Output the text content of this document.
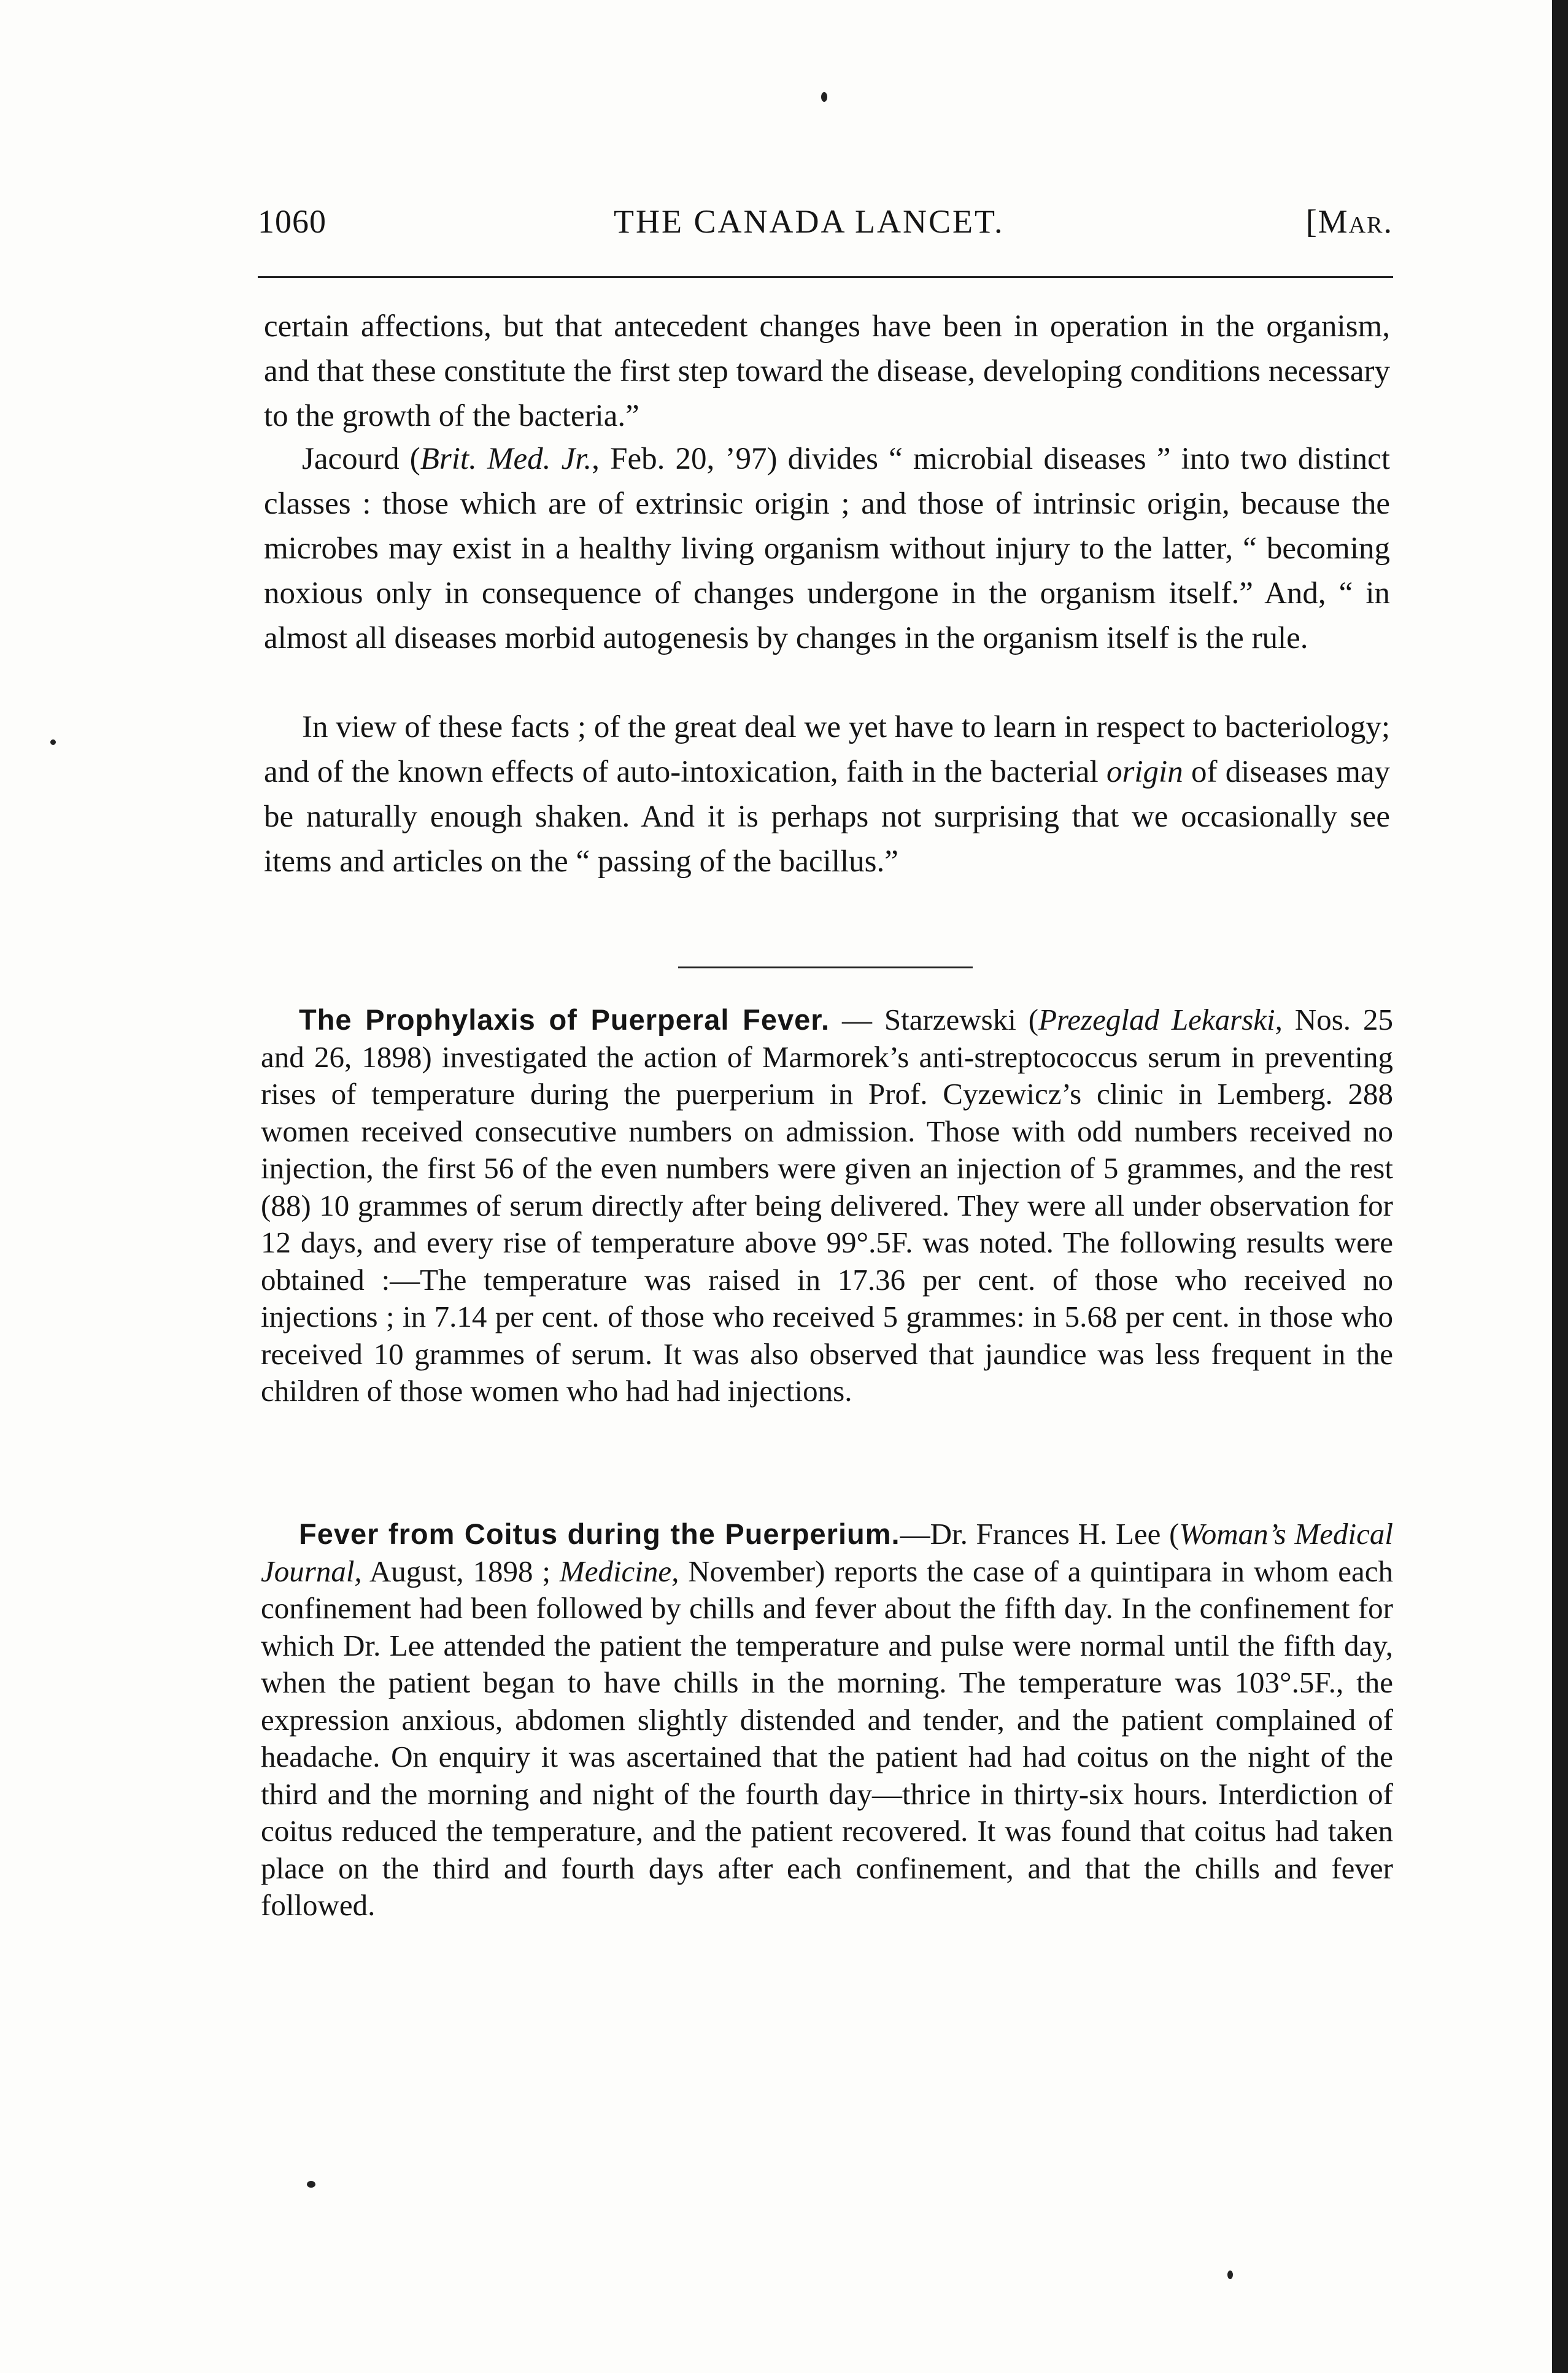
1060	THE CANADA LANCET.	[Mar.

certain affections, but that antecedent changes have been in operation in the organism, and that these constitute the first step toward the disease, developing conditions necessary to the growth of the bacteria.”

Jacourd (Brit. Med. Jr., Feb. 20, ’97) divides “ microbial diseases ” into two distinct classes : those which are of extrinsic origin ; and those of intrinsic origin, because the microbes may exist in a healthy living organism without injury to the latter, “ becoming noxious only in consequence of changes undergone in the organism itself.” And, “ in almost all diseases morbid autogenesis by changes in the organism itself is the rule.

In view of these facts ; of the great deal we yet have to learn in respect to bacteriology; and of the known effects of auto-intoxication, faith in the bacterial origin of diseases may be naturally enough shaken. And it is perhaps not surprising that we occasionally see items and articles on the “ passing of the bacillus.”

The Prophylaxis of Puerperal Fever. — Starzewski (Prezeglad Lekarski, Nos. 25 and 26, 1898) investigated the action of Marmorek’s anti-streptococcus serum in preventing rises of temperature during the puerperium in Prof. Cyzewicz’s clinic in Lemberg. 288 women received consecutive numbers on admission. Those with odd numbers received no injection, the first 56 of the even numbers were given an injection of 5 grammes, and the rest (88) 10 grammes of serum directly after being delivered. They were all under observation for 12 days, and every rise of temperature above 99°.5F. was noted. The following results were obtained :—The temperature was raised in 17.36 per cent. of those who received no injections ; in 7.14 per cent. of those who received 5 grammes: in 5.68 per cent. in those who received 10 grammes of serum. It was also observed that jaundice was less frequent in the children of those women who had had injections.

Fever from Coitus during the Puerperium.—Dr. Frances H. Lee (Woman’s Medical Journal, August, 1898 ; Medicine, November) reports the case of a quintipara in whom each confinement had been followed by chills and fever about the fifth day. In the confinement for which Dr. Lee attended the patient the temperature and pulse were normal until the fifth day, when the patient began to have chills in the morning. The temperature was 103°.5F., the expression anxious, abdomen slightly distended and tender, and the patient complained of headache. On enquiry it was ascertained that the patient had had coitus on the night of the third and the morning and night of the fourth day—thrice in thirty-six hours. Interdiction of coitus reduced the temperature, and the patient recovered. It was found that coitus had taken place on the third and fourth days after each confinement, and that the chills and fever followed.
